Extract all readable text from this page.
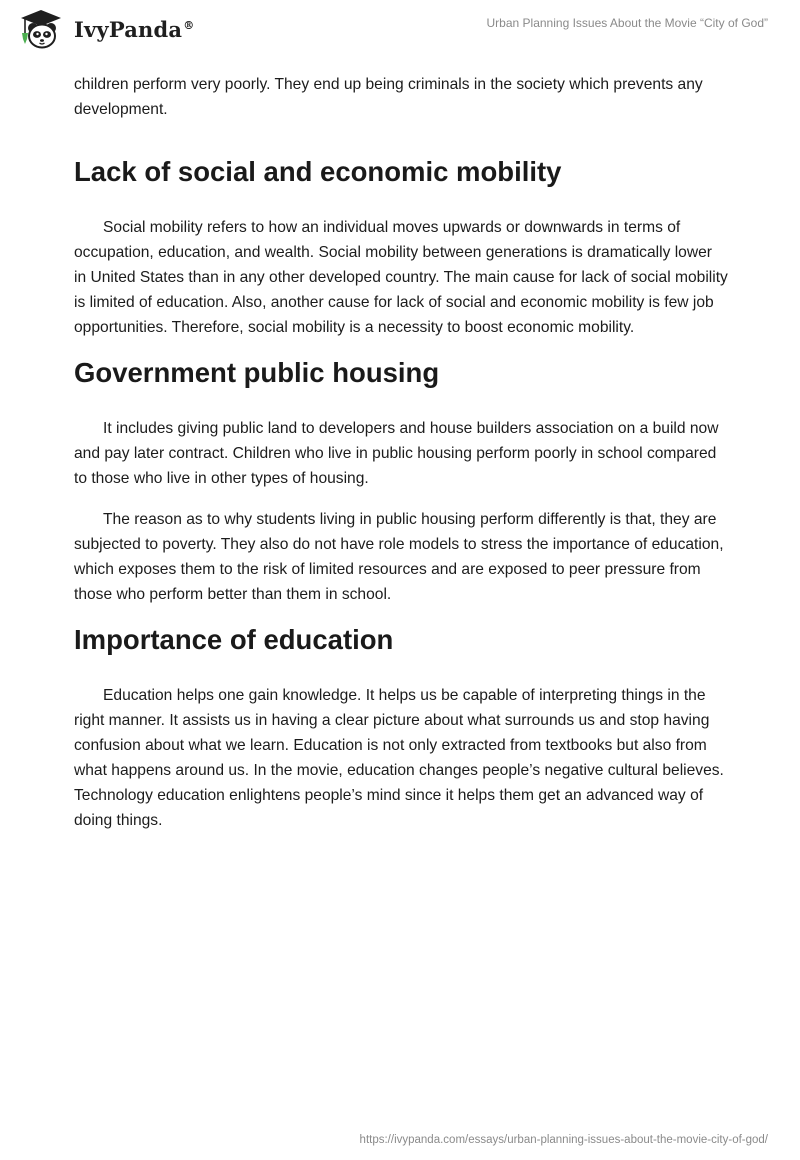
IvyPanda®	Urban Planning Issues About the Movie “City of God”

children perform very poorly. They end up being criminals in the society which prevents any development.

Lack of social and economic mobility

Social mobility refers to how an individual moves upwards or downwards in terms of occupation, education, and wealth. Social mobility between generations is dramatically lower in United States than in any other developed country. The main cause for lack of social mobility is limited of education. Also, another cause for lack of social and economic mobility is few job opportunities. Therefore, social mobility is a necessity to boost economic mobility.

Government public housing

It includes giving public land to developers and house builders association on a build now and pay later contract. Children who live in public housing perform poorly in school compared to those who live in other types of housing.

The reason as to why students living in public housing perform differently is that, they are subjected to poverty. They also do not have role models to stress the importance of education, which exposes them to the risk of limited resources and are exposed to peer pressure from those who perform better than them in school.

Importance of education

Education helps one gain knowledge. It helps us be capable of interpreting things in the right manner. It assists us in having a clear picture about what surrounds us and stop having confusion about what we learn. Education is not only extracted from textbooks but also from what happens around us. In the movie, education changes people’s negative cultural believes. Technology education enlightens people’s mind since it helps them get an advanced way of doing things.

https://ivypanda.com/essays/urban-planning-issues-about-the-movie-city-of-god/
